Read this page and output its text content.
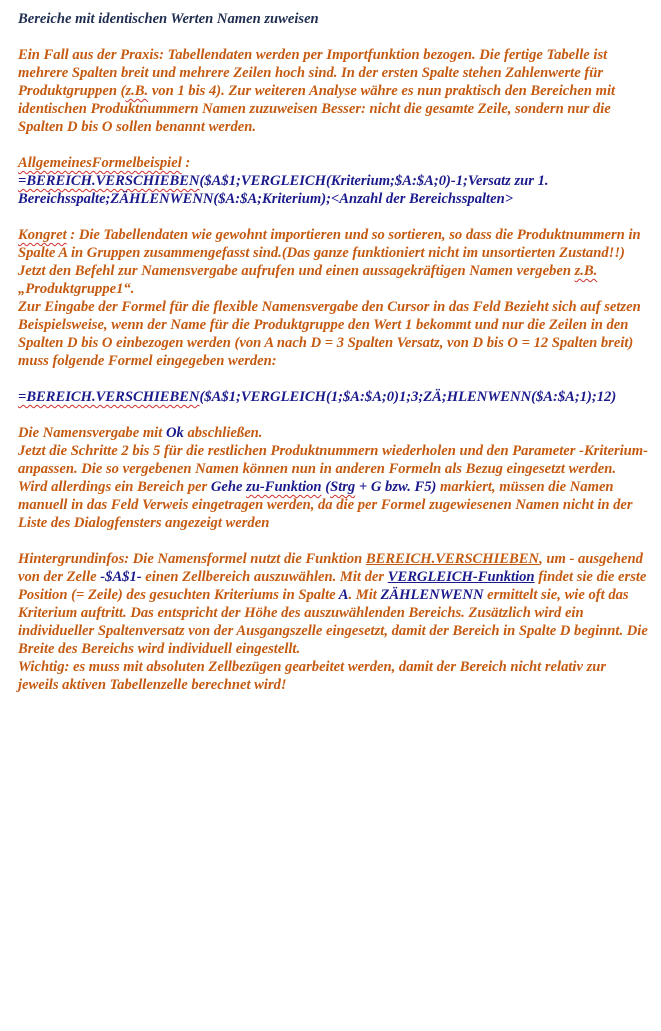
Bereiche mit identischen Werten Namen zuweisen

Ein Fall aus der Praxis: Tabellendaten werden per Importfunktion bezogen. Die fertige Tabelle ist mehrere Spalten breit und mehrere Zeilen hoch sind. In der ersten Spalte stehen Zahlenwerte für Produktgruppen (z.B. von 1 bis 4). Zur weiteren Analyse währe es nun praktisch den Bereichen mit identischen Produktnummern Namen zuzuweisen Besser: nicht die gesamte Zeile, sondern nur die Spalten D bis O sollen benannt werden.

AllgemeinesFormelbeispiel :
=BEREICH.VERSCHIEBEN($A$1;VERGLEICH(Kriterium;$A:$A;0)-1;Versatz zur 1. Bereichsspalte;ZÄHLENWENN($A:$A;Kriterium);<Anzahl der Bereichsspalten>

Kongret : Die Tabellendaten wie gewohnt importieren und so sortieren, so dass die Produktnummern in Spalte A in Gruppen zusammengefasst sind.(Das ganze funktioniert nicht im unsortierten Zustand!!) Jetzt den Befehl zur Namensvergabe aufrufen und einen aussagekräftigen Namen vergeben z.B. „Produktgruppe1“.
Zur Eingabe der Formel für die flexible Namensvergabe den Cursor in das Feld Bezieht sich auf setzen Beispielsweise, wenn der Name für die Produktgruppe den Wert 1 bekommt und nur die Zeilen in den Spalten D bis O einbezogen werden (von A nach D = 3 Spalten Versatz, von D bis O = 12 Spalten breit) muss folgende Formel eingegeben werden:

=BEREICH.VERSCHIEBEN($A$1;VERGLEICH(1;$A:$A;0)1;3;ZÄ;HLENWENN($A:$A;1);12)

Die Namensvergabe mit Ok abschließen.
Jetzt die Schritte 2 bis 5 für die restlichen Produktnummern wiederholen und den Parameter -Kriterium- anpassen. Die so vergebenen Namen können nun in anderen Formeln als Bezug eingesetzt werden. Wird allerdings ein Bereich per Gehe zu-Funktion (Strg + G bzw. F5) markiert, müssen die Namen manuell in das Feld Verweis eingetragen werden, da die per Formel zugewiesenen Namen nicht in der Liste des Dialogfensters angezeigt werden

Hintergrundinfos: Die Namensformel nutzt die Funktion BEREICH.VERSCHIEBEN, um - ausgehend von der Zelle -$A$1- einen Zellbereich auszuwählen. Mit der VERGLEICH-Funktion findet sie die erste Position (= Zeile) des gesuchten Kriteriums in Spalte A. Mit ZÄHLENWENN ermittelt sie, wie oft das Kriterium auftritt. Das entspricht der Höhe des auszuwählenden Bereichs. Zusätzlich wird ein individueller Spaltenversatz von der Ausgangszelle eingesetzt, damit der Bereich in Spalte D beginnt. Die Breite des Bereichs wird individuell eingestellt.
Wichtig: es muss mit absoluten Zellbezügen gearbeitet werden, damit der Bereich nicht relativ zur jeweils aktiven Tabellenzelle berechnet wird!
